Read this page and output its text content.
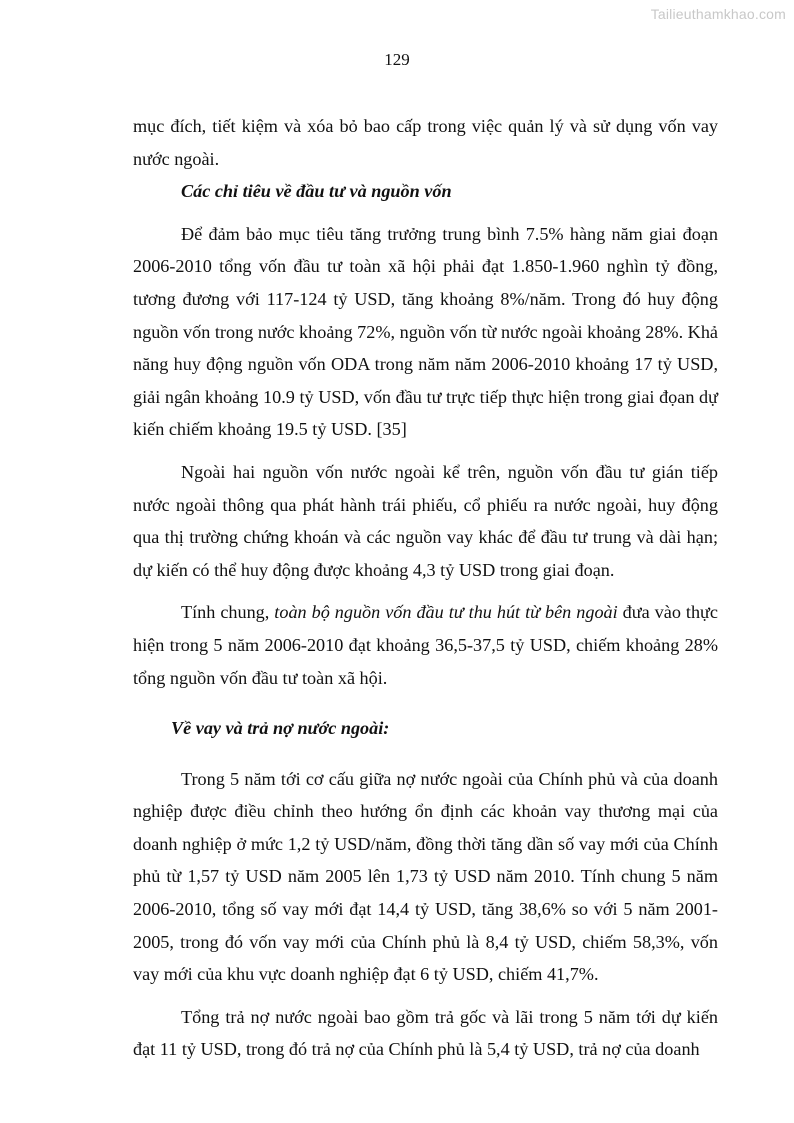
Tailieuthamkhao.com
129

mục đích, tiết kiệm và xóa bỏ bao cấp trong việc quản lý và sử dụng vốn vay nước ngoài.

Các chỉ tiêu về đầu tư và nguồn vốn

Để đảm bảo mục tiêu tăng trưởng trung bình 7.5% hàng năm giai đoạn 2006-2010 tổng vốn đầu tư toàn xã hội phải đạt 1.850-1.960 nghìn tỷ đồng, tương đương với 117-124 tỷ USD, tăng khoảng 8%/năm. Trong đó huy động nguồn vốn trong nước khoảng 72%, nguồn vốn từ nước ngoài khoảng 28%. Khả năng huy động nguồn vốn ODA trong năm năm 2006-2010 khoảng 17 tỷ USD, giải ngân khoảng 10.9 tỷ USD, vốn đầu tư trực tiếp thực hiện trong giai đọan dự kiến chiếm khoảng 19.5 tỷ USD. [35]

Ngoài hai nguồn vốn nước ngoài kể trên, nguồn vốn đầu tư gián tiếp nước ngoài thông qua phát hành trái phiếu, cổ phiếu ra nước ngoài, huy động qua thị trường chứng khoán và các nguồn vay khác để đầu tư trung và dài hạn; dự kiến có thể huy động được khoảng 4,3 tỷ USD trong giai đoạn.

Tính chung, toàn bộ nguồn vốn đầu tư thu hút từ bên ngoài đưa vào thực hiện trong 5 năm 2006-2010 đạt khoảng 36,5-37,5 tỷ USD, chiếm khoảng 28% tổng nguồn vốn đầu tư toàn xã hội.

Về vay và trả nợ nước ngoài:

Trong 5 năm tới cơ cấu giữa nợ nước ngoài của Chính phủ và của doanh nghiệp được điều chỉnh theo hướng ổn định các khoản vay thương mại của doanh nghiệp ở mức 1,2 tỷ USD/năm, đồng thời tăng dần số vay mới của Chính phủ từ 1,57 tỷ USD năm 2005 lên 1,73 tỷ USD năm 2010. Tính chung 5 năm 2006-2010, tổng số vay mới đạt 14,4 tỷ USD, tăng 38,6% so với 5 năm 2001-2005, trong đó vốn vay mới của Chính phủ là 8,4 tỷ USD, chiếm 58,3%, vốn vay mới của khu vực doanh nghiệp đạt 6 tỷ USD, chiếm 41,7%.

Tổng trả nợ nước ngoài bao gồm trả gốc và lãi trong 5 năm tới dự kiến đạt 11 tỷ USD, trong đó trả nợ của Chính phủ là 5,4 tỷ USD, trả nợ của doanh
